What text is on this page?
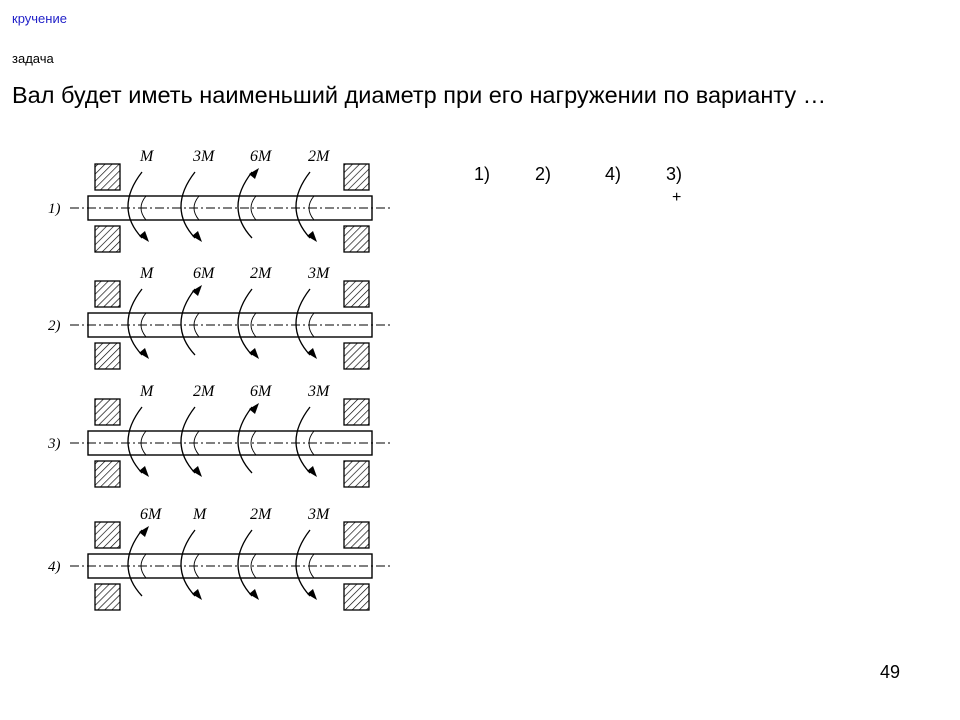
кручение
задача
Вал будет иметь наименьший диаметр при его нагружении по варианту …
1)
M 3M 6M 2M
2)
M 6M 2M 3M
3)
M 2M 6M 3M
4)
6M M	2M 3M
1) 2)	4) 3)
+
49
